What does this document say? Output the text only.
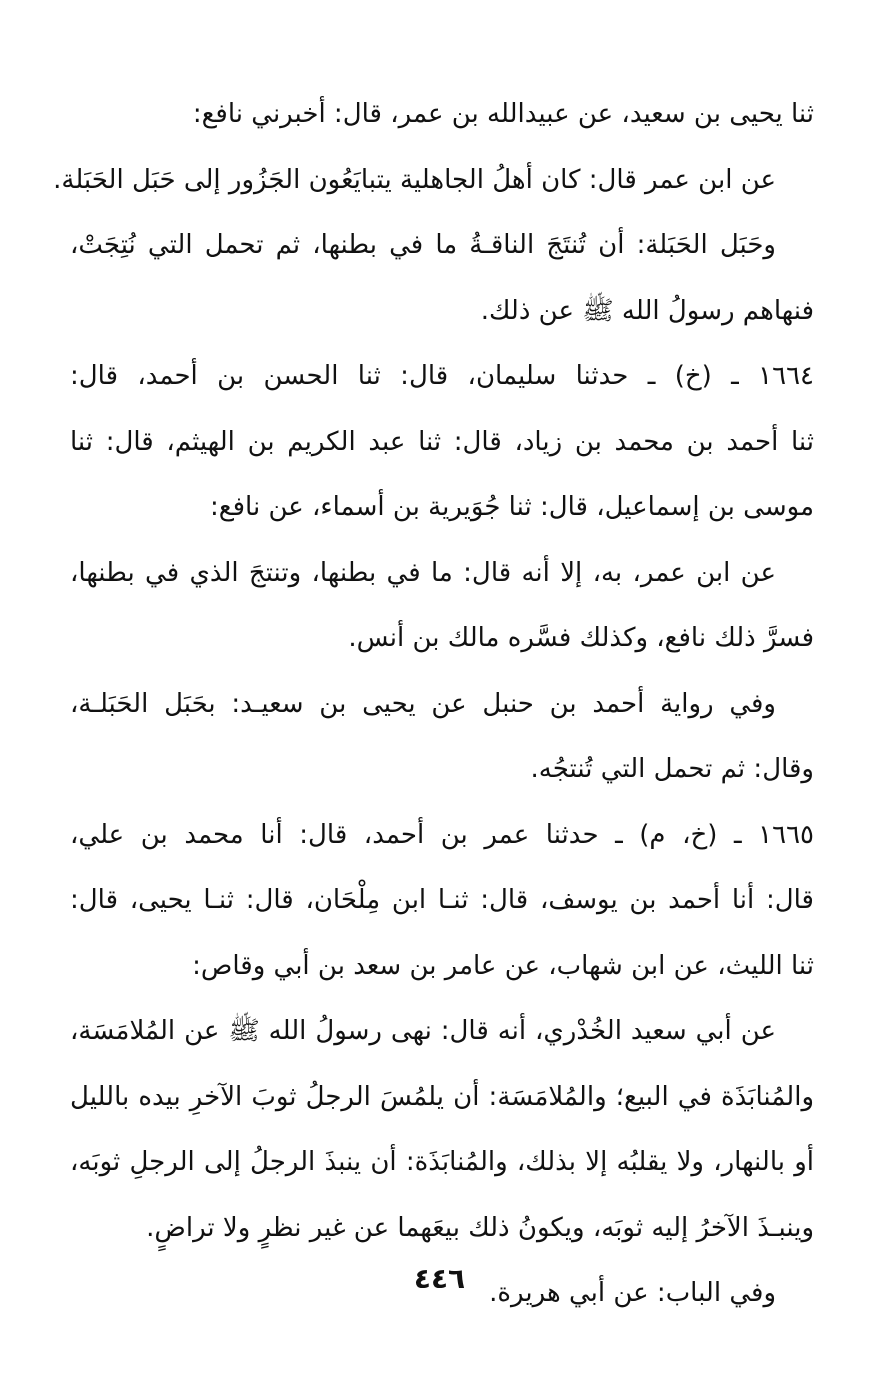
ثنا يحيى بن سعيد، عن عبيدالله بن عمر، قال: أخبرني نافع:
عن ابن عمر قال: كان أهلُ الجاهلية يتبايَعُون الجَزُور إلى حَبَل الحَبَلة.
وحَبَل الحَبَلة: أن تُنتَجَ الناقـةُ ما في بطنها، ثم تحمل التي نُتِجَتْ،
فنهاهم رسولُ الله ﷺ عن ذلك.
١٦٦٤ ـ (خ) ـ حدثنا سليمان، قال: ثنا الحسن بن أحمد، قال:
ثنا أحمد بن محمد بن زياد، قال: ثنا عبد الكريم بن الهيثم، قال: ثنا
موسى بن إسماعيل، قال: ثنا جُوَيرية بن أسماء، عن نافع:
عن ابن عمر، به، إلا أنه قال: ما في بطنها، وتنتجَ الذي في بطنها،
فسرَّ ذلك نافع، وكذلك فسَّره مالك بن أنس.
وفي رواية أحمد بن حنبل عن يحيى بن سعيـد: بحَبَل الحَبَلـة،
وقال: ثم تحمل التي تُنتجُه.
١٦٦٥ ـ (خ، م) ـ حدثنا عمر بن أحمد، قال: أنا محمد بن علي،
قال: أنا أحمد بن يوسف، قال: ثنـا ابن مِلْحَان، قال: ثنـا يحيى، قال:
ثنا الليث، عن ابن شهاب، عن عامر بن سعد بن أبي وقاص:
عن أبي سعيد الخُدْري، أنه قال: نهى رسولُ الله ﷺ عن المُلامَسَة،
والمُنابَذَة في البيع؛ والمُلامَسَة: أن يلمُسَ الرجلُ ثوبَ الآخرِ بيده بالليل
أو بالنهار، ولا يقلبُه إلا بذلك، والمُنابَذَة: أن ينبذَ الرجلُ إلى الرجلِ ثوبَه،
وينبـذَ الآخرُ إليه ثوبَه، ويكونُ ذلك بيعَهما عن غير نظرٍ ولا تراضٍ.
وفي الباب: عن أبي هريرة.
٤٤٦
